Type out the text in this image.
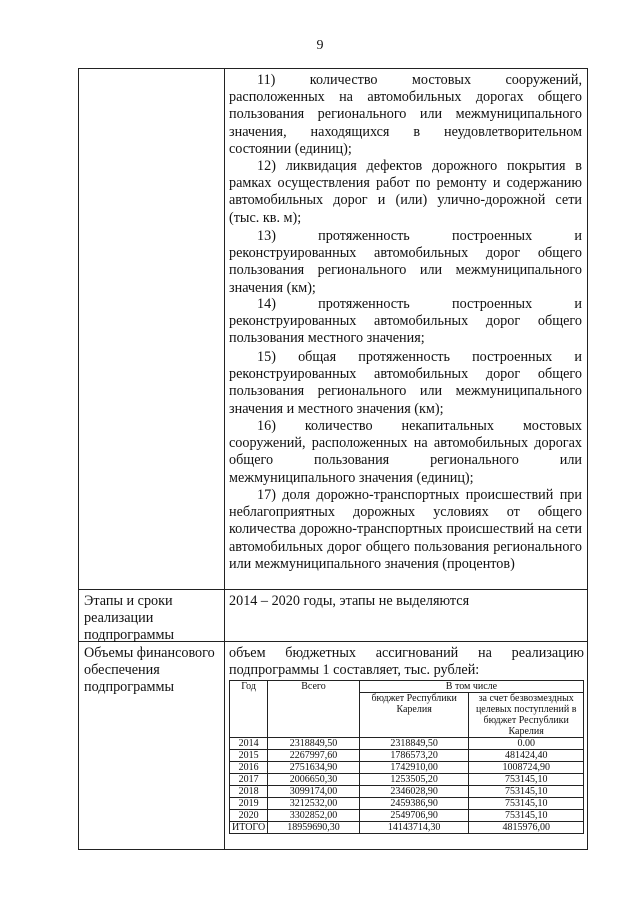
9

11) количество мостовых сооружений, расположенных на автомобильных дорогах общего пользования регионального или межмуниципального значения, находящихся в неудовлетворительном состоянии (единиц);

12) ликвидация дефектов дорожного покрытия в рамках осуществления работ по ремонту и содержанию автомобильных дорог и (или) улично-дорожной сети (тыс. кв. м);

13) протяженность построенных и реконструированных автомобильных дорог общего пользования регионального или межмуниципального значения (км);

14) протяженность построенных и реконструированных автомобильных дорог общего пользования местного значения;

15) общая протяженность построенных и реконструированных автомобильных дорог общего пользования регионального или межмуниципального значения и местного значения (км);

16) количество некапитальных мостовых сооружений, расположенных на автомобильных дорогах общего пользования регионального или межмуниципального значения (единиц);

17) доля дорожно-транспортных происшествий при неблагоприятных дорожных условиях от общего количества дорожно-транспортных происшествий на сети автомобильных дорог общего пользования регионального или межмуниципального значения (процентов)

Этапы и сроки реализации подпрограммы

2014 – 2020 годы, этапы не выделяются

Объемы финансового обеспечения подпрограммы

объем бюджетных ассигнований на реализацию подпрограммы 1 составляет, тыс. рублей:
Год	Всего	В том числе	
		бюджет Республики Карелия	за счет безвозмездных целевых поступлений в бюджет Республики Карелия
2014	2318849,50	2318849,50	0.00
2015	2267997,60	1786573,20	481424,40
2016	2751634,90	1742910,00	1008724,90
2017	2006650,30	1253505,20	753145,10
2018	3099174,00	2346028,90	753145,10
2019	3212532,00	2459386,90	753145,10
2020	3302852,00	2549706,90	753145,10
ИТОГО	18959690,30	14143714,30	4815976,00
